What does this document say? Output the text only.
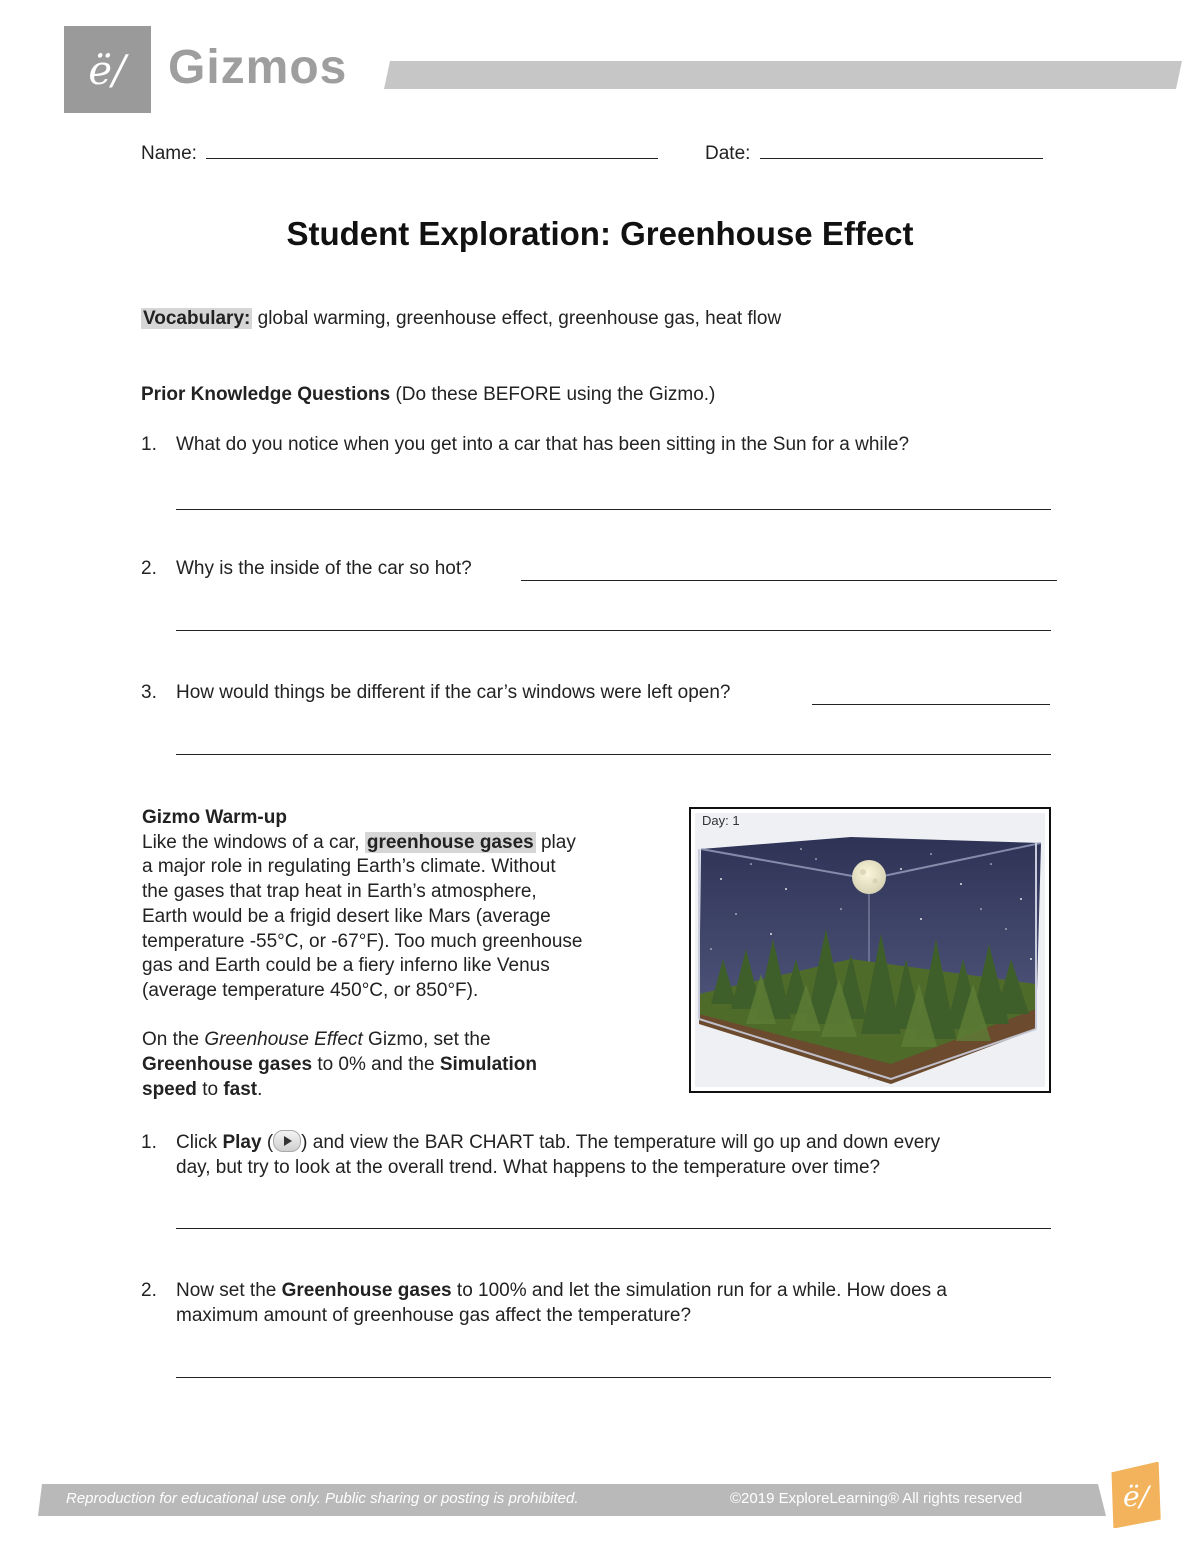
ë/ Gizmos
Name:	Date:
Student Exploration: Greenhouse Effect
Vocabulary: global warming, greenhouse effect, greenhouse gas, heat flow
Prior Knowledge Questions (Do these BEFORE using the Gizmo.)
1. What do you notice when you get into a car that has been sitting in the Sun for a while?
2. Why is the inside of the car so hot?
3. How would things be different if the car’s windows were left open?

Gizmo Warm-up

Like the windows of a car, greenhouse gases play
a major role in regulating Earth’s climate. Without
the gases that trap heat in Earth’s atmosphere,
Earth would be a frigid desert like Mars (average
temperature -55°C, or -67°F). Too much greenhouse
gas and Earth could be a fiery inferno like Venus
(average temperature 450°C, or 850°F).

On the Greenhouse Effect Gizmo, set the
Greenhouse gases to 0% and the Simulation
speed to fast.

Day: 1
1. Click Play ( ) and view the BAR CHART tab. The temperature will go up and down every
day, but try to look at the overall trend. What happens to the temperature over time?
2. Now set the Greenhouse gases to 100% and let the simulation run for a while. How does a
maximum amount of greenhouse gas affect the temperature?
Reproduction for educational use only. Public sharing or posting is prohibited.	©2019 ExploreLearning® All rights reserved	ë/
